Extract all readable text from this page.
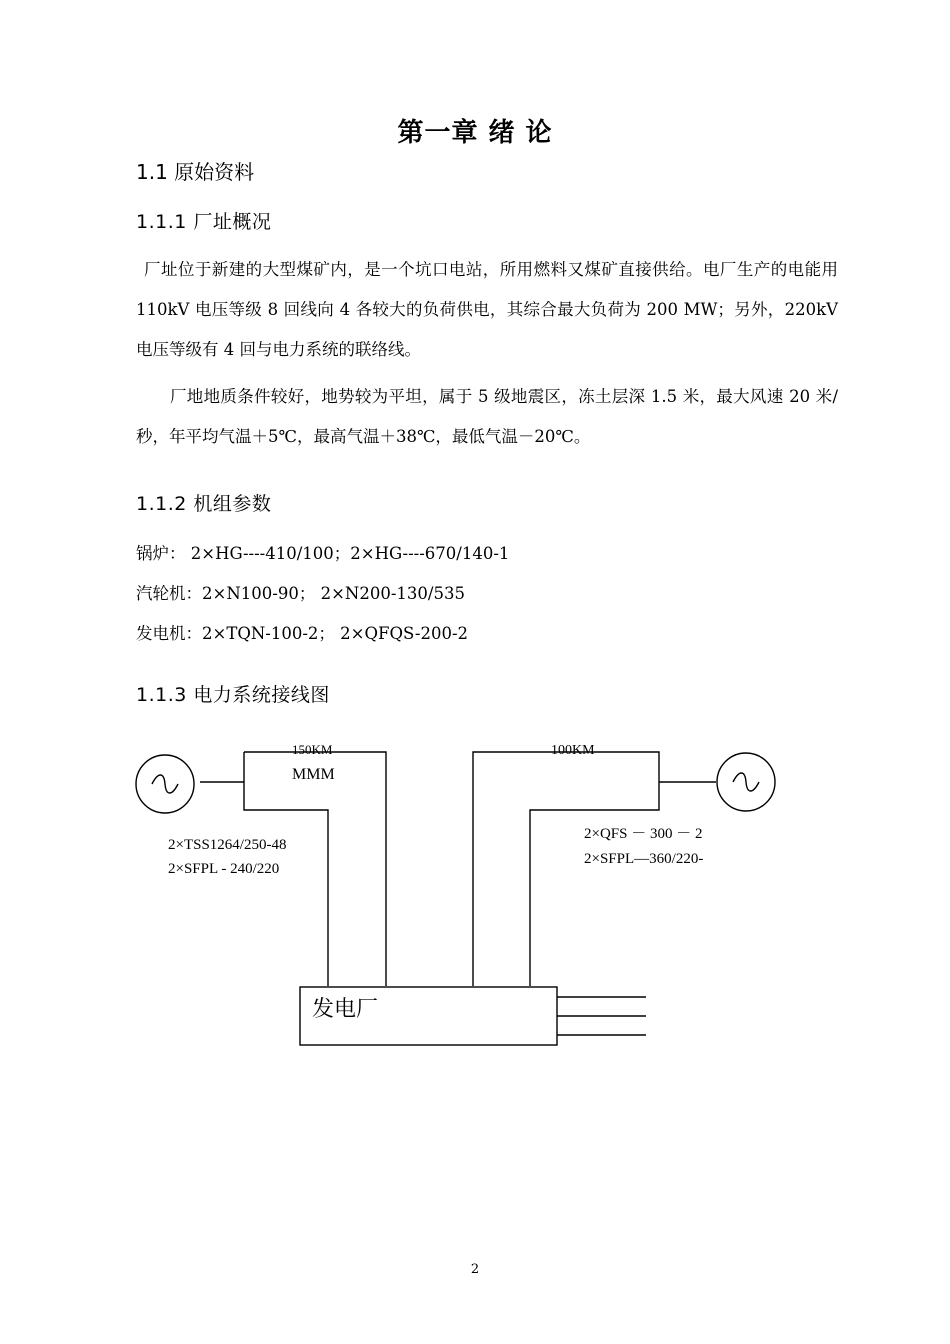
第一章 绪 论
1.1 原始资料
1.1.1 厂址概况
厂址位于新建的大型煤矿内，是一个坑口电站，所用燃料又煤矿直接供给。电厂生产的电能用 110kV 电压等级 8 回线向 4 各较大的负荷供电，其综合最大负荷为 200 MW；另外，220kV 电压等级有 4 回与电力系统的联络线。
厂地地质条件较好，地势较为平坦，属于 5 级地震区，冻土层深 1.5 米，最大风速 20 米/秒，年平均气温＋5℃，最高气温＋38℃，最低气温－20℃。
1.1.2 机组参数
锅炉： 2×HG----410/100；2×HG----670/140-1
汽轮机：2×N100-90； 2×N200-130/535
发电机：2×TQN-100-2； 2×QFQS-200-2
1.1.3 电力系统接线图
150KM
MMM
100KM
2×TSS1264/250-48
2×SFPL - 240/220
2×QFS － 300 － 2
2×SFPL—360/220-
发电厂
2
